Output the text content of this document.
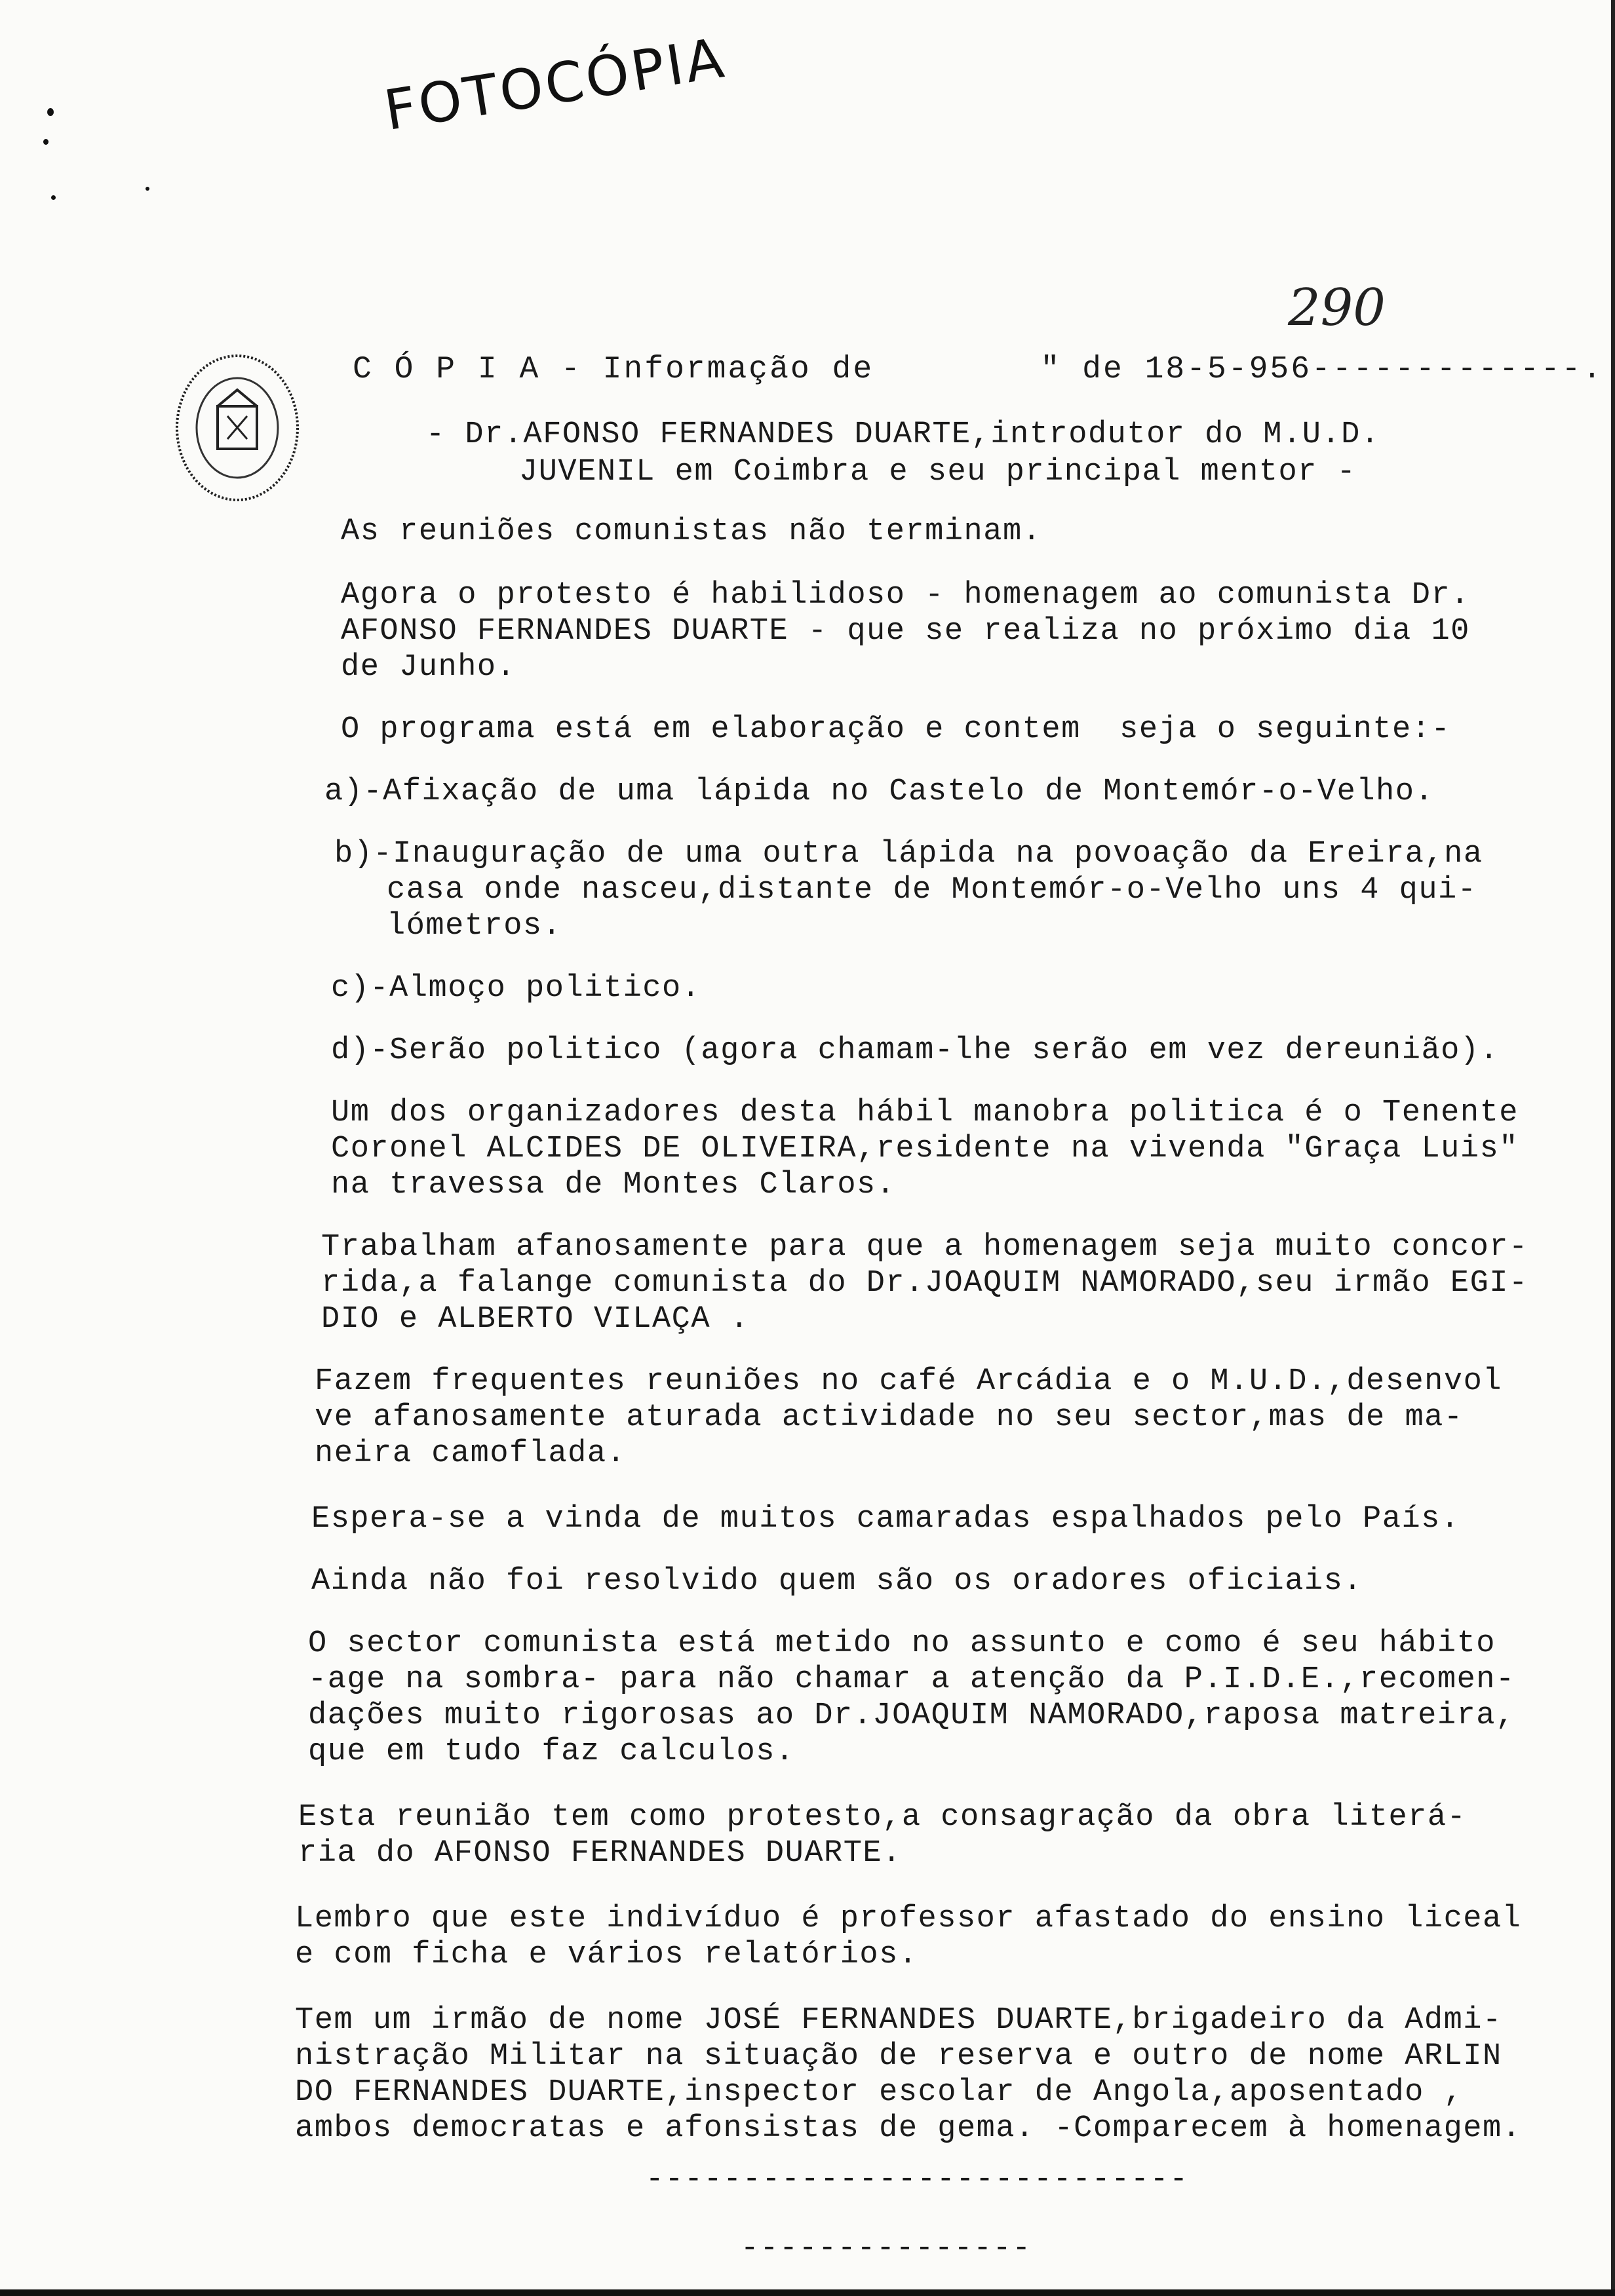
FOTOCÓPIA
290
C Ó P I A - Informação de        " de 18-5-956-------------.
- Dr.AFONSO FERNANDES DUARTE,introdutor do M.U.D.
JUVENIL em Coimbra e seu principal mentor -
As reuniões comunistas não terminam.
Agora o protesto é habilidoso - homenagem ao comunista Dr.
AFONSO FERNANDES DUARTE - que se realiza no próximo dia 10
de Junho.
O programa está em elaboração e contem  seja o seguinte:-
a)-Afixação de uma lápida no Castelo de Montemór-o-Velho.
b)-Inauguração de uma outra lápida na povoação da Ereira,na
casa onde nasceu,distante de Montemór-o-Velho uns 4 qui-
lómetros.
c)-Almoço politico.
d)-Serão politico (agora chamam-lhe serão em vez dereunião).
Um dos organizadores desta hábil manobra politica é o Tenente
Coronel ALCIDES DE OLIVEIRA,residente na vivenda "Graça Luis"
na travessa de Montes Claros.
Trabalham afanosamente para que a homenagem seja muito concor-
rida,a falange comunista do Dr.JOAQUIM NAMORADO,seu irmão EGI-
DIO e ALBERTO VILAÇA .
Fazem frequentes reuniões no café Arcádia e o M.U.D.,desenvol
ve afanosamente aturada actividade no seu sector,mas de ma-
neira camoflada.
Espera-se a vinda de muitos camaradas espalhados pelo País.
Ainda não foi resolvido quem são os oradores oficiais.
O sector comunista está metido no assunto e como é seu hábito
-age na sombra- para não chamar a atenção da P.I.D.E.,recomen-
dações muito rigorosas ao Dr.JOAQUIM NAMORADO,raposa matreira,
que em tudo faz calculos.
Esta reunião tem como protesto,a consagração da obra literá-
ria do AFONSO FERNANDES DUARTE.
Lembro que este indivíduo é professor afastado do ensino liceal
e com ficha e vários relatórios.
Tem um irmão de nome JOSÉ FERNANDES DUARTE,brigadeiro da Admi-
nistração Militar na situação de reserva e outro de nome ARLIN
DO FERNANDES DUARTE,inspector escolar de Angola,aposentado ,
ambos democratas e afonsistas de gema. -Comparecem à homenagem.
----------------------------
---------------
